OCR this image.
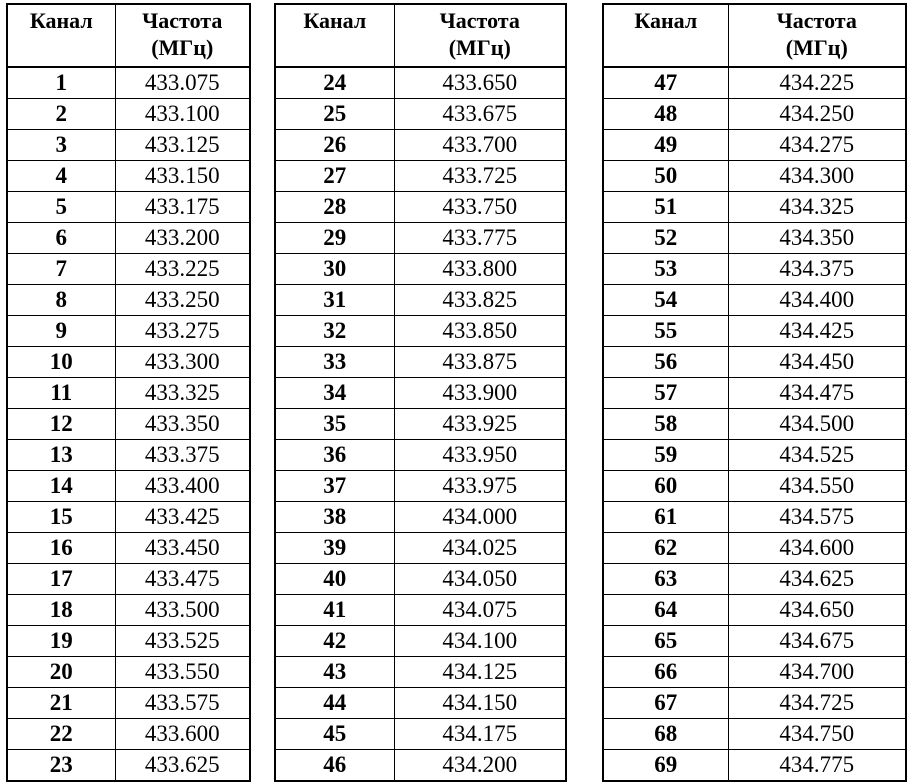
Канал	Частота
(МГц)

1	433.075
2	433.100
3	433.125
4	433.150
5	433.175
6	433.200
7	433.225
8	433.250
9	433.275
10	433.300
11	433.325
12	433.350
13	433.375
14	433.400
15	433.425
16	433.450
17	433.475
18	433.500
19	433.525
20	433.550
21	433.575
22	433.600
23	433.625
Канал	Частота
(МГц)

24	433.650
25	433.675
26	433.700
27	433.725
28	433.750
29	433.775
30	433.800
31	433.825
32	433.850
33	433.875
34	433.900
35	433.925
36	433.950
37	433.975
38	434.000
39	434.025
40	434.050
41	434.075
42	434.100
43	434.125
44	434.150
45	434.175
46	434.200
Канал	Частота
(МГц)

47	434.225
48	434.250
49	434.275
50	434.300
51	434.325
52	434.350
53	434.375
54	434.400
55	434.425
56	434.450
57	434.475
58	434.500
59	434.525
60	434.550
61	434.575
62	434.600
63	434.625
64	434.650
65	434.675
66	434.700
67	434.725
68	434.750
69	434.775
